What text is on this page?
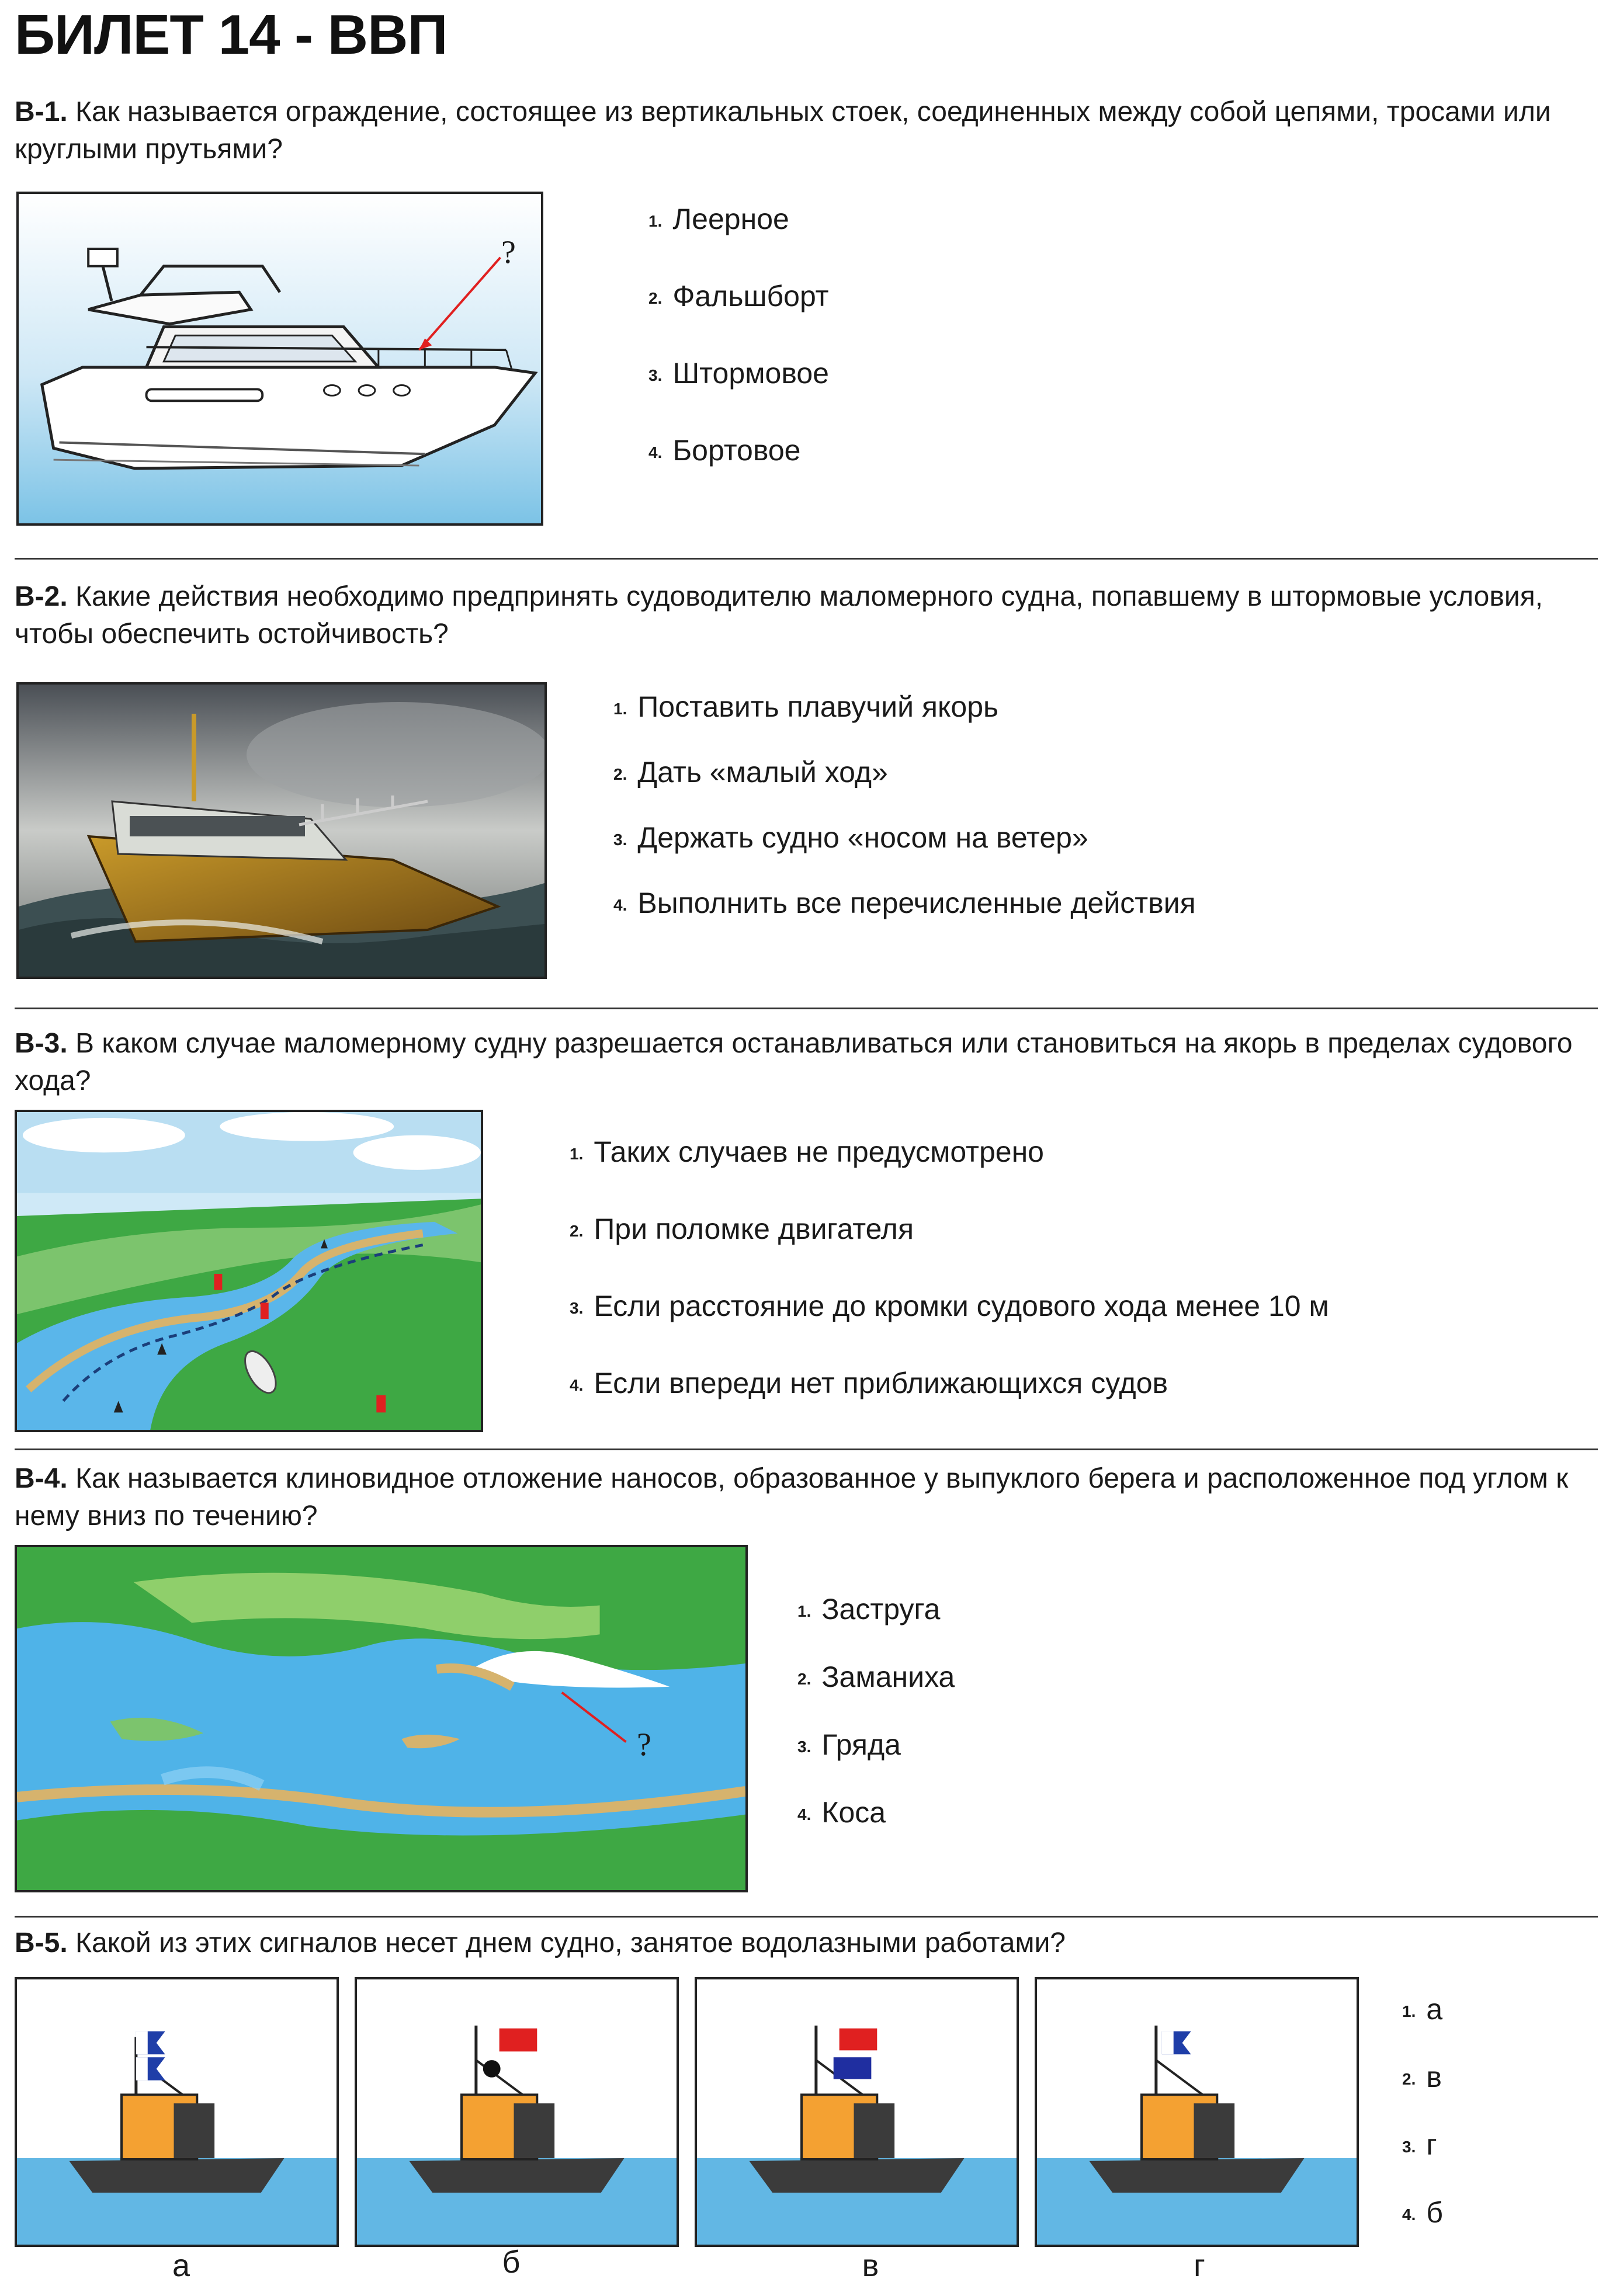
БИЛЕТ 14 - ВВП
В-1. Как называется ограждение, состоящее из вертикальных стоек, соединенных между собой цепями, тросами или круглыми прутьями?
?
$^{1.}$ Леерное
$^{2.}$ Фальшборт
$^{3.}$ Штормовое
$^{4.}$ Бортовое
В-2. Какие действия необходимо предпринять судоводителю маломерного судна, попавшему в штормовые условия, чтобы обеспечить остойчивость?
$^{1.}$ Поставить плавучий якорь
$^{2.}$ Дать «малый ход»
$^{3.}$ Держать судно «носом на ветер»
$^{4.}$ Выполнить все перечисленные действия
В-3. В каком случае маломерному судну разрешается останавливаться или становиться на якорь в пределах судового хода?
$^{1.}$ Таких случаев не предусмотрено
$^{2.}$ При поломке двигателя
$^{3.}$ Если расстояние до кромки судового хода менее 10 м
$^{4.}$ Если впереди нет приближающихся судов
В-4. Как называется клиновидное отложение наносов, образованное у выпуклого берега и расположенное под углом к нему вниз по течению?
?
$^{1.}$ Заструга
$^{2.}$ Заманиха
$^{3.}$ Гряда
$^{4.}$ Коса
В-5. Какой из этих сигналов несет днем судно, занятое водолазными работами?
а	б	в	г
$^{1.}$ а
$^{2.}$ в
$^{3.}$ г
$^{4.}$ б
